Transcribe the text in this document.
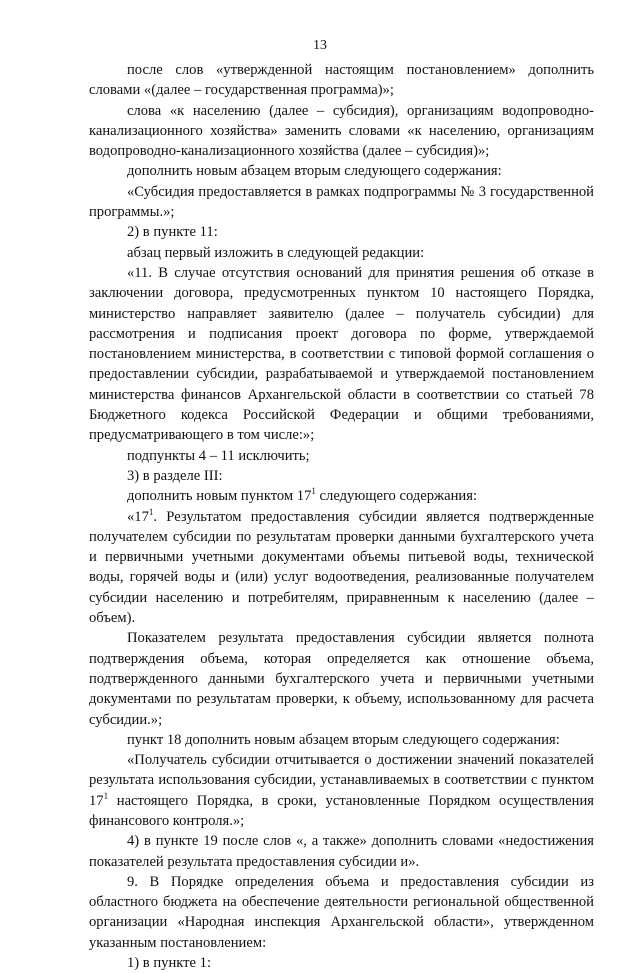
13

после слов «утвержденной настоящим постановлением» дополнить словами «(далее – государственная программа)»;

слова «к населению (далее – субсидия), организациям водопроводно-канализационного хозяйства» заменить словами «к населению, организациям водопроводно-канализационного хозяйства (далее – субсидия)»;

дополнить новым абзацем вторым следующего содержания:

«Субсидия предоставляется в рамках подпрограммы № 3 государственной программы.»;

2) в пункте 11:

абзац первый изложить в следующей редакции:

«11. В случае отсутствия оснований для принятия решения об отказе в заключении договора, предусмотренных пунктом 10 настоящего Порядка, министерство направляет заявителю (далее – получатель субсидии) для рассмотрения и подписания проект договора по форме, утверждаемой постановлением министерства, в соответствии с типовой формой соглашения о предоставлении субсидии, разрабатываемой и утверждаемой постановлением министерства финансов Архангельской области в соответствии со статьей 78 Бюджетного кодекса Российской Федерации и общими требованиями, предусматривающего в том числе:»;

подпункты 4 – 11 исключить;

3) в разделе III:

дополнить новым пунктом $17^1$ следующего содержания:

«$17^1$. Результатом предоставления субсидии является подтвержденные получателем субсидии по результатам проверки данными бухгалтерского учета и первичными учетными документами объемы питьевой воды, технической воды, горячей воды и (или) услуг водоотведения, реализованные получателем субсидии населению и потребителям, приравненным к населению (далее – объем).

Показателем результата предоставления субсидии является полнота подтверждения объема, которая определяется как отношение объема, подтвержденного данными бухгалтерского учета и первичными учетными документами по результатам проверки, к объему, использованному для расчета субсидии.»;

пункт 18 дополнить новым абзацем вторым следующего содержания:

«Получатель субсидии отчитывается о достижении значений показателей результата использования субсидии, устанавливаемых в соответствии с пунктом $17^1$ настоящего Порядка, в сроки, установленные Порядком осуществления финансового контроля.»;

4) в пункте 19 после слов «, а также» дополнить словами «недостижения показателей результата предоставления субсидии и».

9. В Порядке определения объема и предоставления субсидии из областного бюджета на обеспечение деятельности региональной общественной организации «Народная инспекция Архангельской области», утвержденном указанным постановлением:

1) в пункте 1:
